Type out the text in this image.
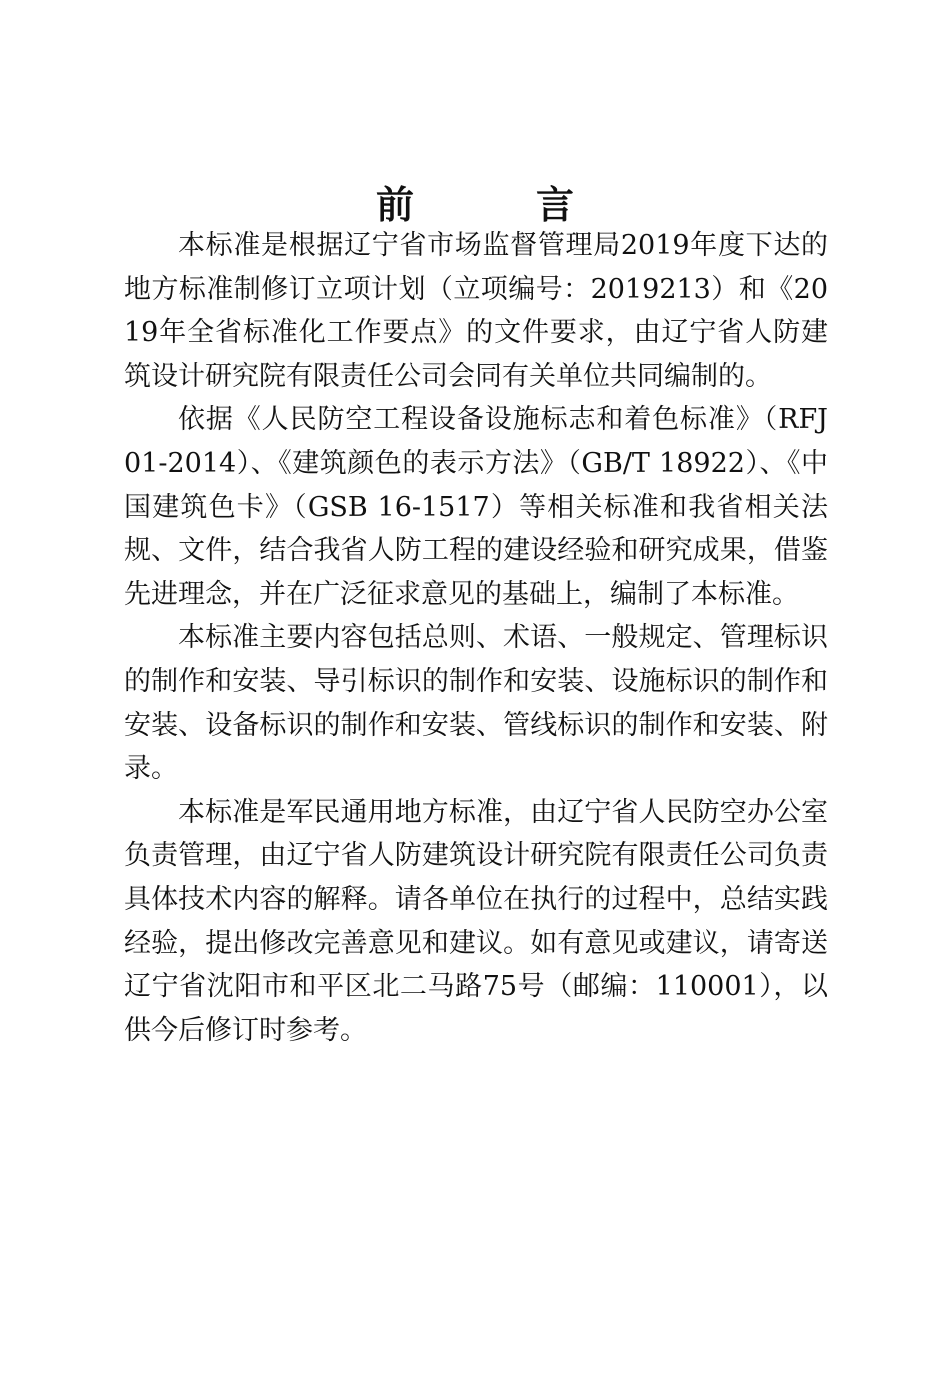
前　言

本标准是根据辽宁省市场监督管理局2019年度下达的地方标准制修订立项计划（立项编号：2019213）和《2019年全省标准化工作要点》的文件要求，由辽宁省人防建筑设计研究院有限责任公司会同有关单位共同编制的。

依据《人民防空工程设备设施标志和着色标准》（RFJ 01-2014）、《建筑颜色的表示方法》（GB/T 18922）、《中国建筑色卡》（GSB 16-1517）等相关标准和我省相关法规、文件，结合我省人防工程的建设经验和研究成果，借鉴先进理念，并在广泛征求意见的基础上，编制了本标准。

本标准主要内容包括总则、术语、一般规定、管理标识的制作和安装、导引标识的制作和安装、设施标识的制作和安装、设备标识的制作和安装、管线标识的制作和安装、附录。

本标准是军民通用地方标准，由辽宁省人民防空办公室负责管理，由辽宁省人防建筑设计研究院有限责任公司负责具体技术内容的解释。请各单位在执行的过程中，总结实践经验，提出修改完善意见和建议。如有意见或建议，请寄送辽宁省沈阳市和平区北二马路75号（邮编：110001），以供今后修订时参考。
